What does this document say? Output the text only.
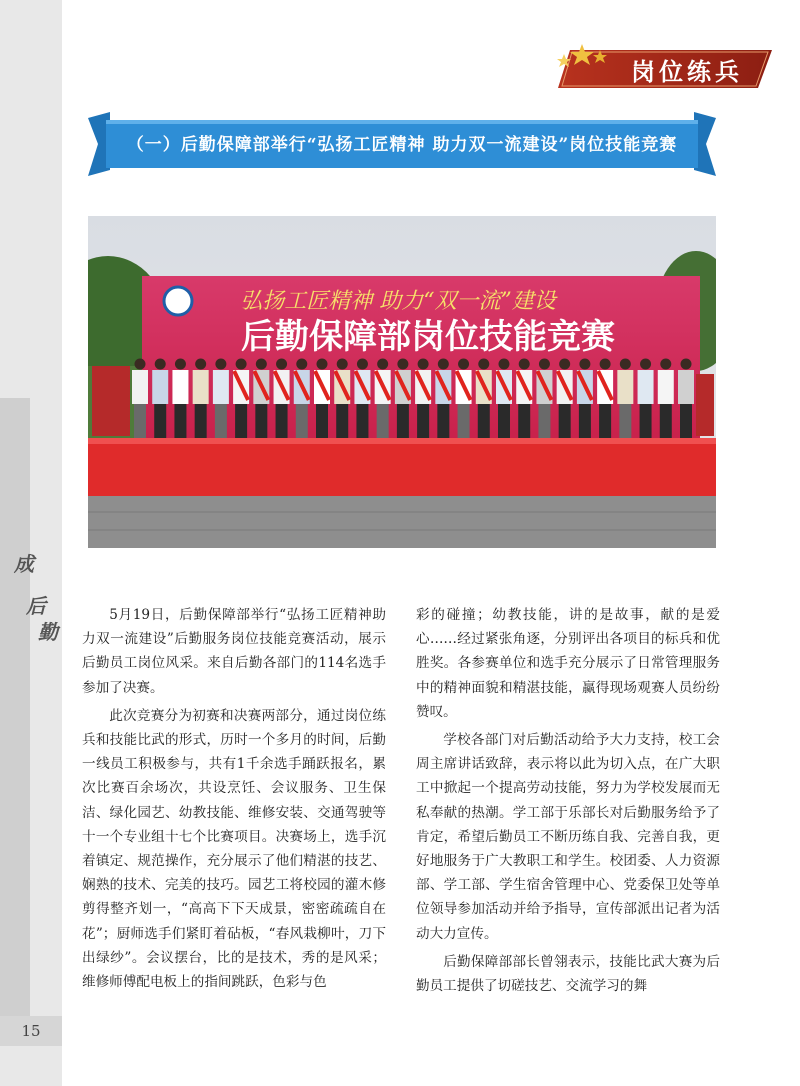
成
后
勤
15
岗位练兵
（一）后勤保障部举行“弘扬工匠精神 助力双一流建设”岗位技能竞赛
弘扬工匠精神 助力“双一流”建设
后勤保障部岗位技能竞赛

5月19日，后勤保障部举行“弘扬工匠精神助力双一流建设”后勤服务岗位技能竞赛活动，展示后勤员工岗位风采。来自后勤各部门的114名选手参加了决赛。

此次竞赛分为初赛和决赛两部分，通过岗位练兵和技能比武的形式，历时一个多月的时间，后勤一线员工积极参与，共有1千余选手踊跃报名，累次比赛百余场次，共设烹饪、会议服务、卫生保洁、绿化园艺、幼教技能、维修安装、交通驾驶等十一个专业组十七个比赛项目。决赛场上，选手沉着镇定、规范操作，充分展示了他们精湛的技艺、娴熟的技术、完美的技巧。园艺工将校园的灌木修剪得整齐划一，“高高下下天成景，密密疏疏自在花”；厨师选手们紧盯着砧板，“春风栽柳叶，刀下出绿纱”。会议摆台，比的是技术，秀的是风采；维修师傅配电板上的指间跳跃，色彩与色

彩的碰撞；幼教技能，讲的是故事，献的是爱心……经过紧张角逐，分别评出各项目的标兵和优胜奖。各参赛单位和选手充分展示了日常管理服务中的精神面貌和精湛技能，赢得现场观赛人员纷纷赞叹。

学校各部门对后勤活动给予大力支持，校工会周主席讲话致辞，表示将以此为切入点，在广大职工中掀起一个提高劳动技能，努力为学校发展而无私奉献的热潮。学工部于乐部长对后勤服务给予了肯定，希望后勤员工不断历练自我、完善自我，更好地服务于广大教职工和学生。校团委、人力资源部、学工部、学生宿舍管理中心、党委保卫处等单位领导参加活动并给予指导，宣传部派出记者为活动大力宣传。

后勤保障部部长曾翎表示，技能比武大赛为后勤员工提供了切磋技艺、交流学习的舞
